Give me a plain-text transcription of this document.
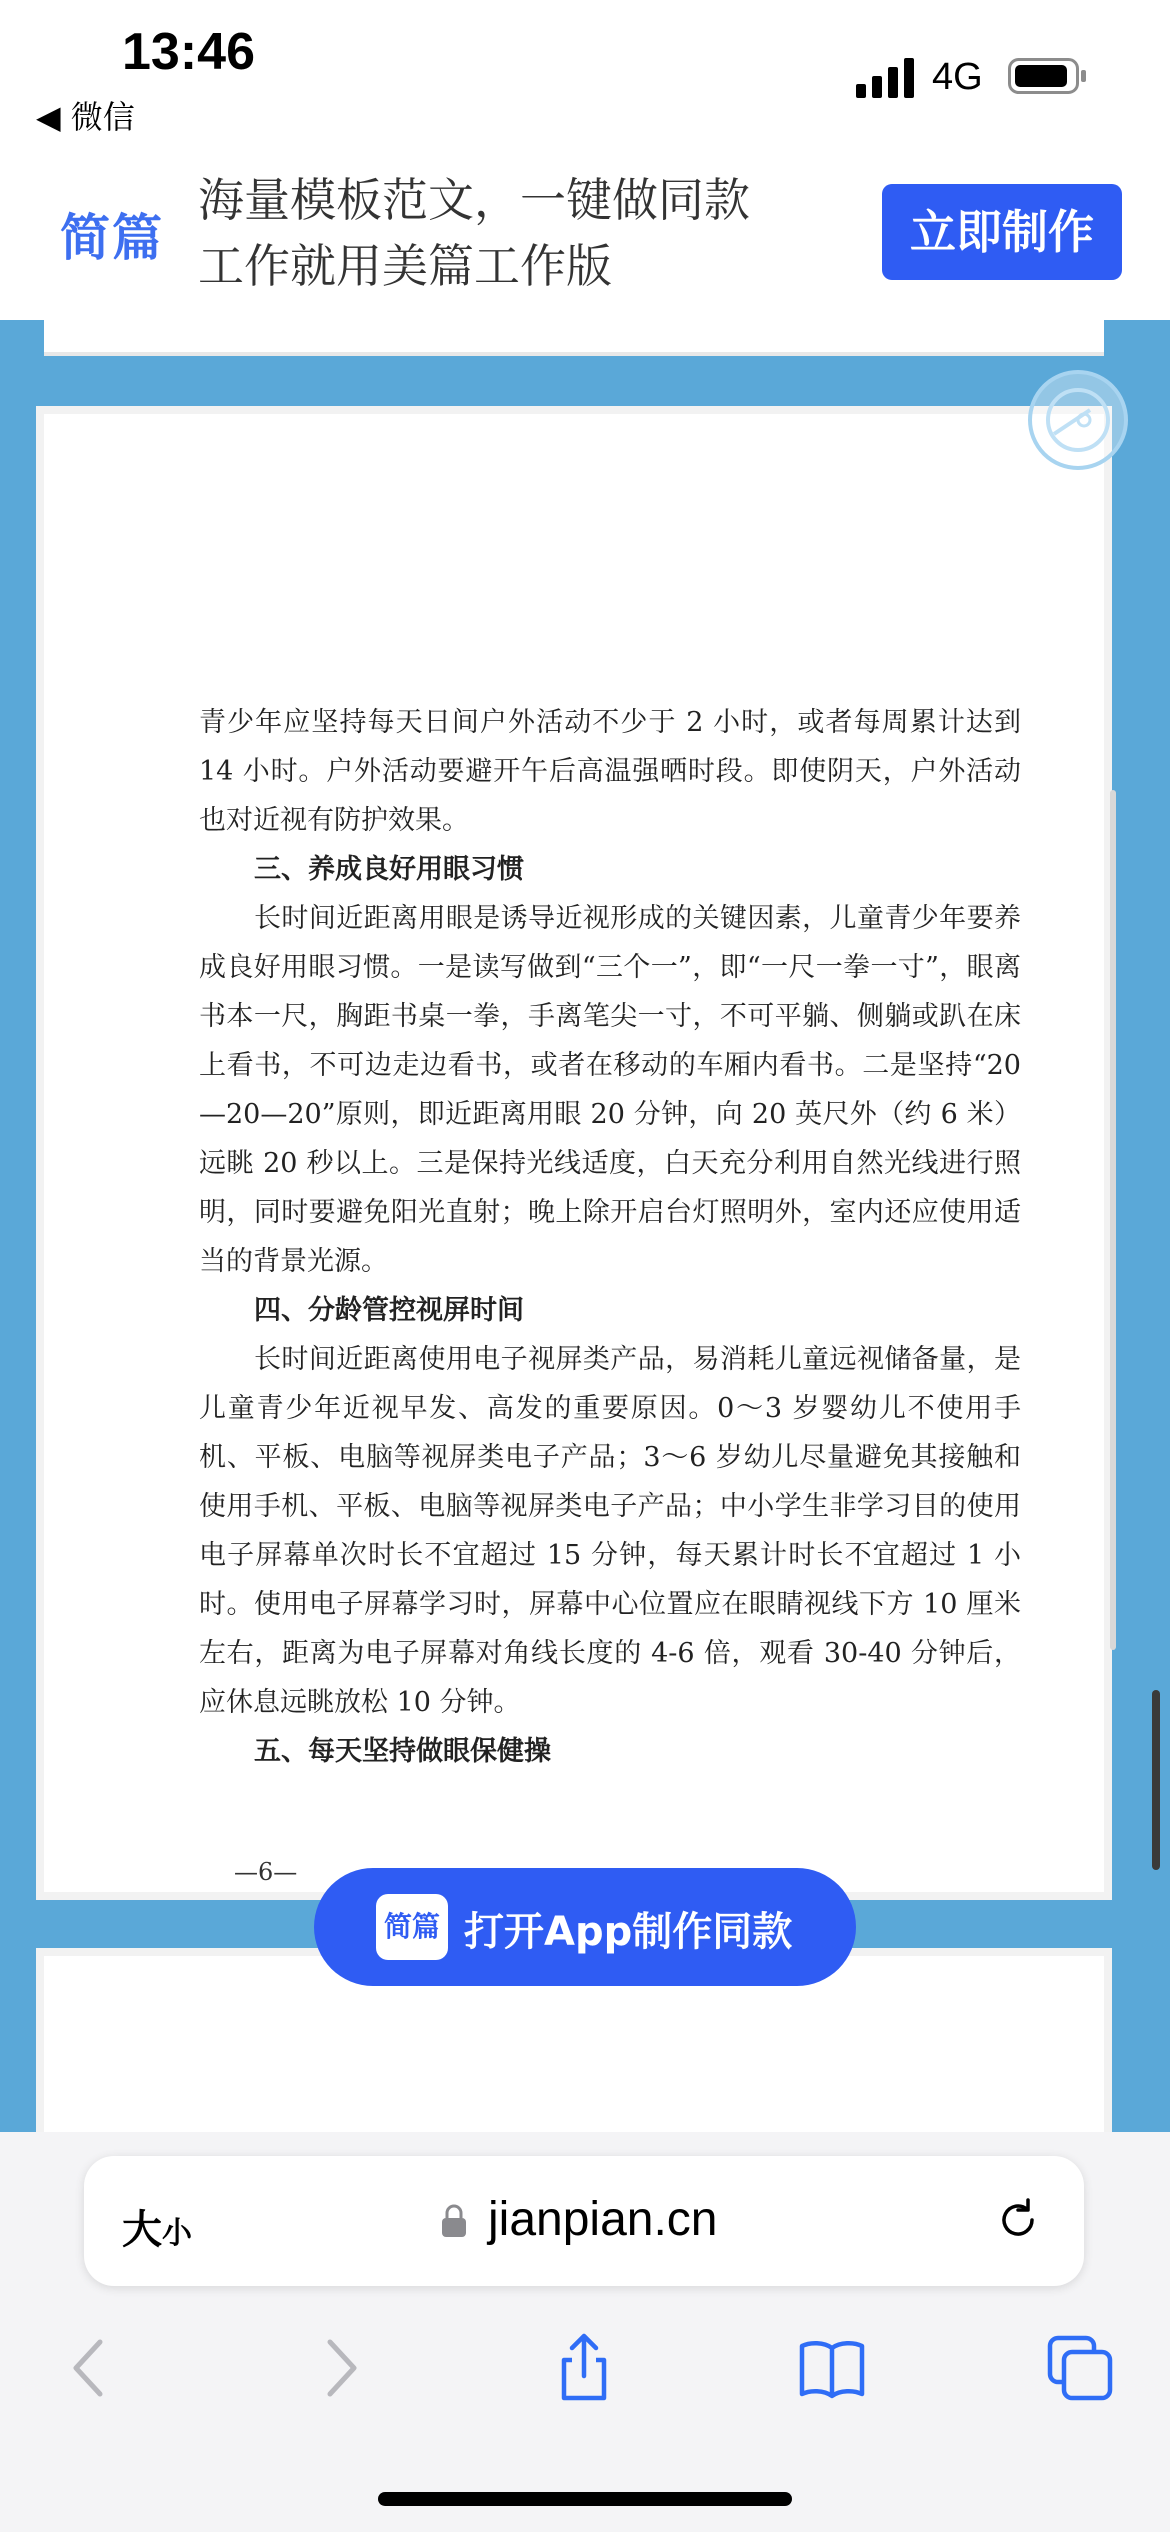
13:46
◀ 微信
4G
简篇
海量模板范文，一键做同款
工作就用美篇工作版
立即制作

青少年应坚持每天日间户外活动不少于 2 小时，或者每周累计达到 14 小时。户外活动要避开午后高温强晒时段。即使阴天，户外活动也对近视有防护效果。

三、养成良好用眼习惯

长时间近距离用眼是诱导近视形成的关键因素，儿童青少年要养成良好用眼习惯。一是读写做到“三个一”，即“一尺一拳一寸”，眼离书本一尺，胸距书桌一拳，手离笔尖一寸，不可平躺、侧躺或趴在床上看书，不可边走边看书，或者在移动的车厢内看书。二是坚持“20—20—20”原则，即近距离用眼 20 分钟，向 20 英尺外（约 6 米）远眺 20 秒以上。三是保持光线适度，白天充分利用自然光线进行照明，同时要避免阳光直射；晚上除开启台灯照明外，室内还应使用适当的背景光源。

四、分龄管控视屏时间

长时间近距离使用电子视屏类产品，易消耗儿童远视储备量，是儿童青少年近视早发、高发的重要原因。0～3 岁婴幼儿不使用手机、平板、电脑等视屏类电子产品；3～6 岁幼儿尽量避免其接触和使用手机、平板、电脑等视屏类电子产品；中小学生非学习目的使用电子屏幕单次时长不宜超过 15 分钟，每天累计时长不宜超过 1 小时。使用电子屏幕学习时，屏幕中心位置应在眼睛视线下方 10 厘米左右，距离为电子屏幕对角线长度的 4-6 倍，观看 30-40 分钟后，应休息远眺放松 10 分钟。

五、每天坚持做眼保健操

—6—
简篇 打开App制作同款
大小	jianpian.cn
